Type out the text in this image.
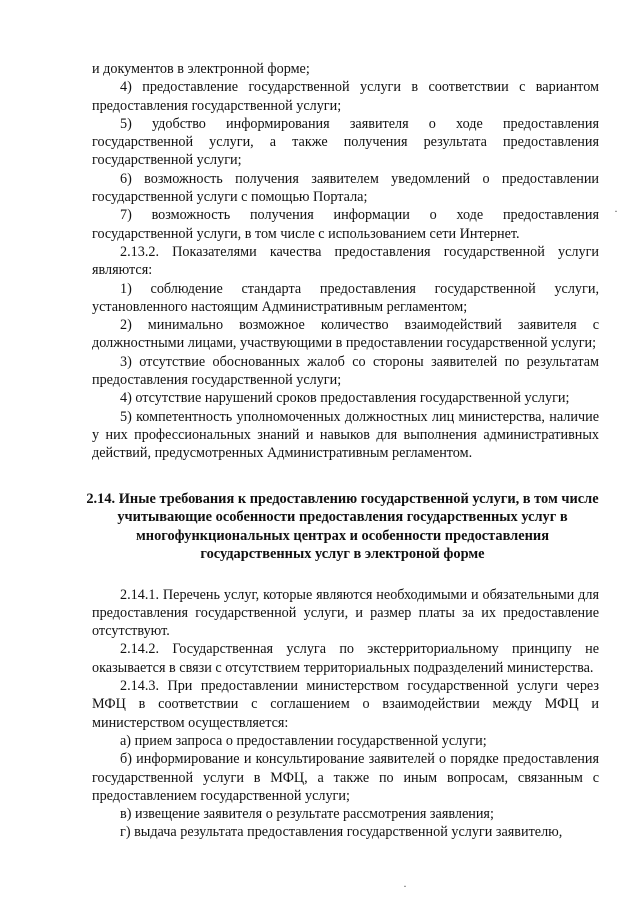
и документов в электронной форме;

4) предоставление государственной услуги в соответствии с вариантом предоставления государственной услуги;

5) удобство информирования заявителя о ходе предоставления государственной услуги, а также получения результата предоставления государственной услуги;

6) возможность получения заявителем уведомлений о предоставлении государственной услуги с помощью Портала;

7) возможность получения информации о ходе предоставления государственной услуги, в том числе с использованием сети Интернет.

2.13.2. Показателями качества предоставления государственной услуги являются:

1) соблюдение стандарта предоставления государственной услуги, установленного настоящим Административным регламентом;

2) минимально возможное количество взаимодействий заявителя с должностными лицами, участвующими в предоставлении государственной услуги;

3) отсутствие обоснованных жалоб со стороны заявителей по результатам предоставления государственной услуги;

4) отсутствие нарушений сроков предоставления государственной услуги;

5) компетентность уполномоченных должностных лиц министерства, наличие у них профессиональных знаний и навыков для выполнения административных действий, предусмотренных Административным регламентом.

2.14. Иные требования к предоставлению государственной услуги, в том числе учитывающие особенности предоставления государственных услуг в многофункциональных центрах и особенности предоставления государственных услуг в электроной форме

2.14.1. Перечень услуг, которые являются необходимыми и обязательными для предоставления государственной услуги, и размер платы за их предоставление отсутствуют.

2.14.2. Государственная услуга по экстерриториальному принципу не оказывается в связи с отсутствием территориальных подразделений министерства.

2.14.3. При предоставлении министерством государственной услуги через МФЦ в соответствии с соглашением о взаимодействии между МФЦ и министерством осуществляется:

а) прием запроса о предоставлении государственной услуги;

б) информирование и консультирование заявителей о порядке предоставления государственной услуги в МФЦ, а также по иным вопросам, связанным с предоставлением государственной услуги;

в) извещение заявителя о результате рассмотрения заявления;

г) выдача результата предоставления государственной услуги заявителю,

·
·
